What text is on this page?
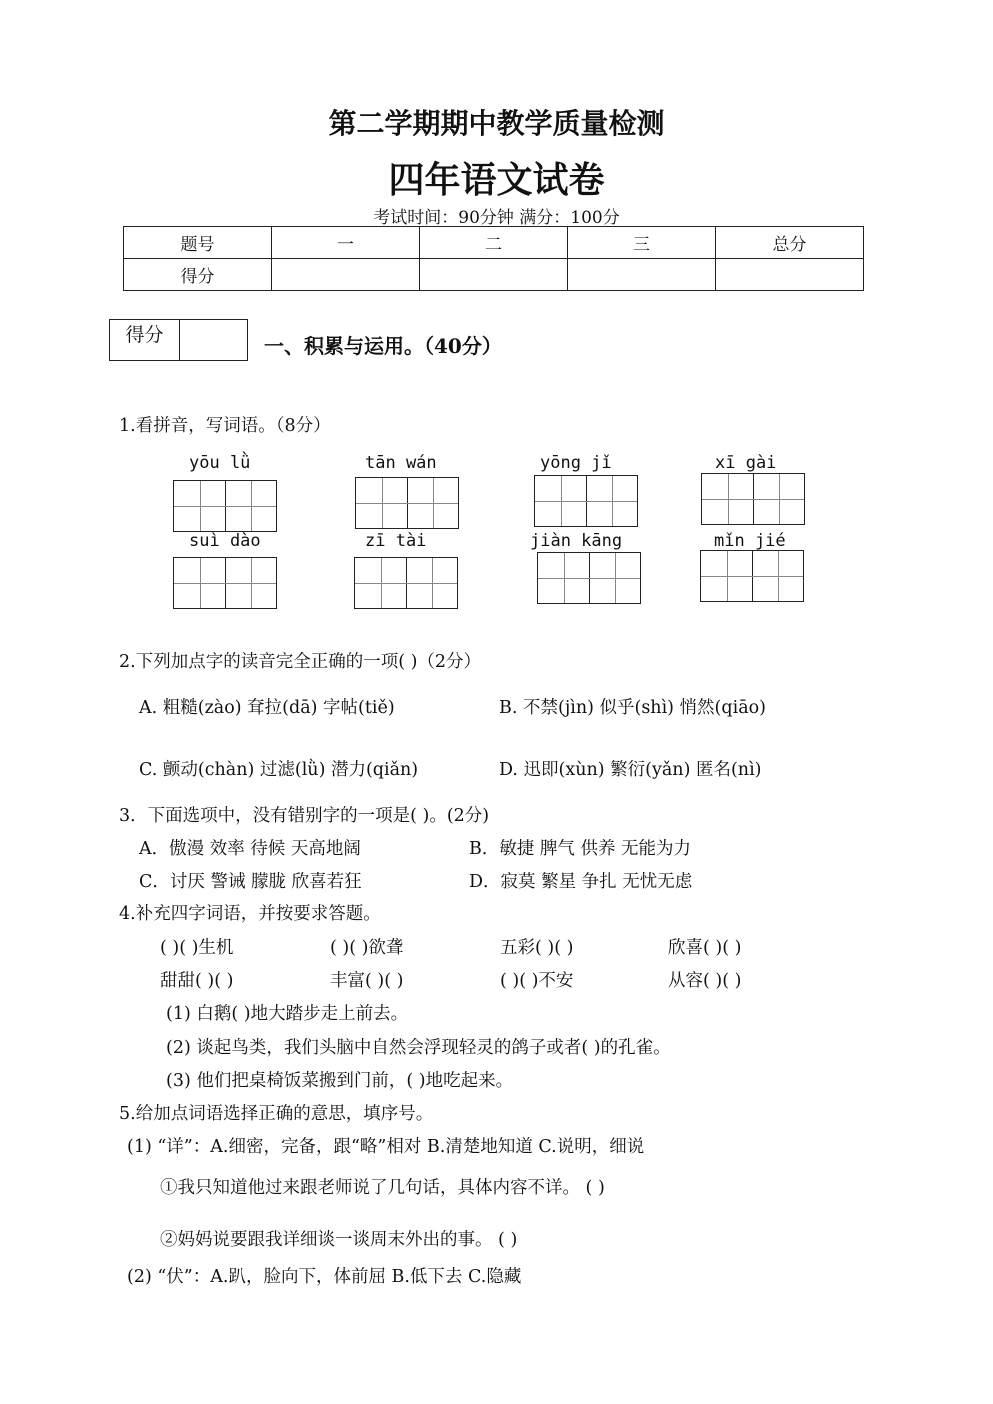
第二学期期中教学质量检测
四年语文试卷
考试时间：90分钟 满分：100分
题号	一	二	三	总分
得分				
得分	一、积累与运用。（40分）
1.看拼音，写词语。（8分）
yōu lǜ	tān wán	yōng jǐ	xī gài
suì dào	zī tài	jiàn kāng	mǐn jié
2.下列加点字的读音完全正确的一项( )（2分）
A. 粗糙(zào) 耷拉(dā) 字帖(tiě)	B. 不禁(jìn) 似乎(shì) 悄然(qiāo)
C. 颤动(chàn) 过滤(lǜ) 潜力(qiǎn)	D. 迅即(xùn) 繁衍(yǎn) 匿名(nì)
3．下面选项中，没有错别字的一项是( )。(2分)
A．傲漫 效率 待候 天高地阔	B．敏捷 脾气 供养 无能为力
C．讨厌 警诫 朦胧 欣喜若狂	D．寂莫 繁星 争扎 无忧无虑
4.补充四字词语，并按要求答题。
( )( )生机	( )( )欲聋	五彩( )( )	欣喜( )( )
甜甜( )( )	丰富( )( )	( )( )不安	从容( )( )
(1) 白鹅( )地大踏步走上前去。
(2) 谈起鸟类，我们头脑中自然会浮现轻灵的鸽子或者( )的孔雀。
(3) 他们把桌椅饭菜搬到门前，( )地吃起来。
5.给加点词语选择正确的意思，填序号。
(1) “详”：A.细密，完备，跟“略”相对 B.清楚地知道 C.说明，细说
①我只知道他过来跟老师说了几句话，具体内容不详。 ( )
②妈妈说要跟我详细谈一谈周末外出的事。 ( )
(2) “伏”：A.趴，脸向下，体前屈 B.低下去 C.隐藏
